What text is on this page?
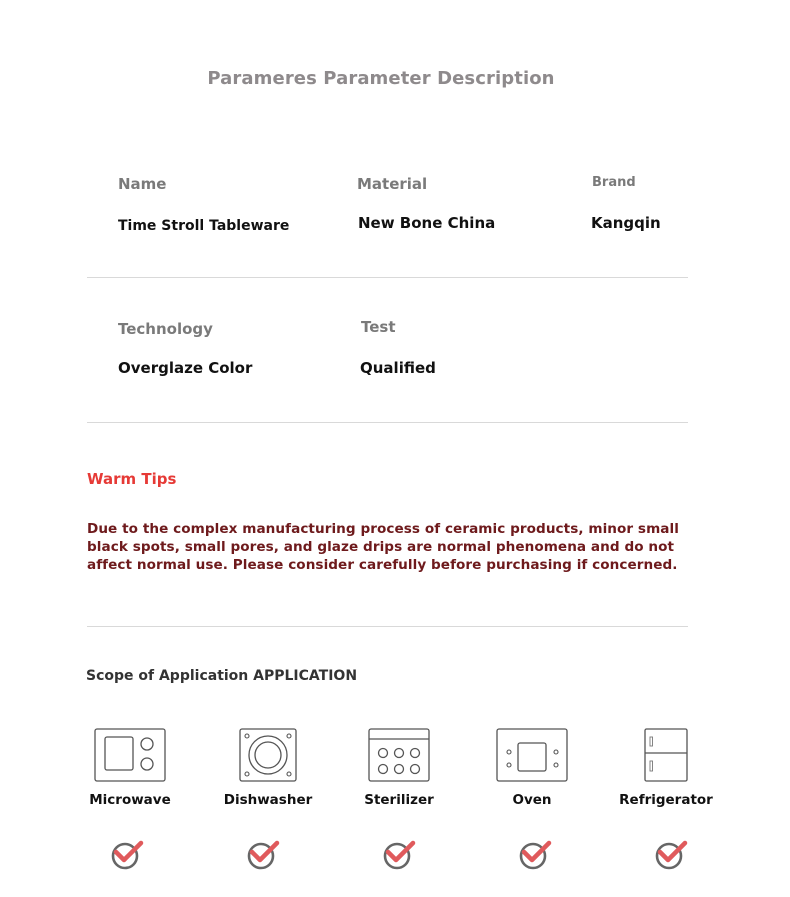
Parameres Parameter Description
Name
Time Stroll Tableware
Material
New Bone China
Brand
Kangqin
Technology
Overglaze Color
Test
Qualified
Warm Tips
Due to the complex manufacturing process of ceramic products, minor small black spots, small pores, and glaze drips are normal phenomena and do not affect normal use. Please consider carefully before purchasing if concerned.
Scope of Application APPLICATION
Microwave	Dishwasher	Sterilizer	Oven	Refrigerator
